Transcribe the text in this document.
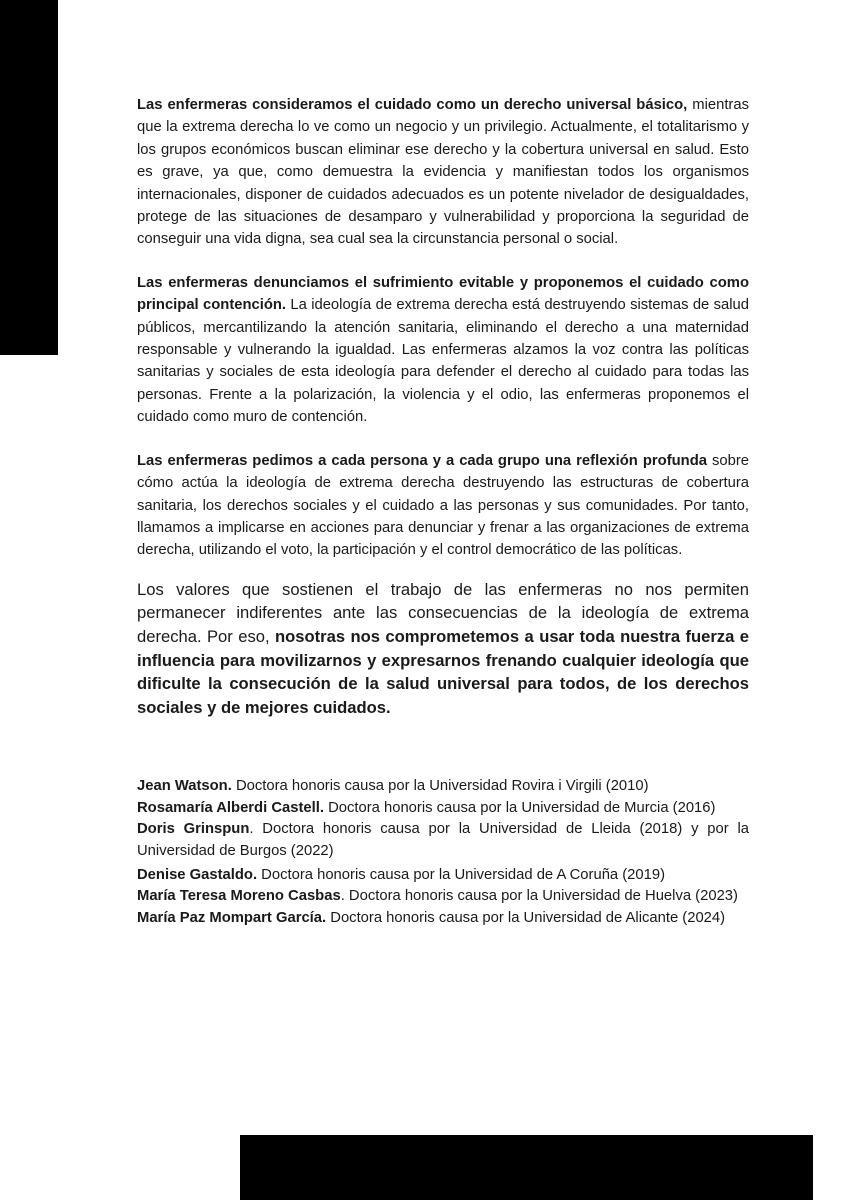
Las enfermeras consideramos el cuidado como un derecho universal básico, mientras que la extrema derecha lo ve como un negocio y un privilegio. Actualmente, el totalitarismo y los grupos económicos buscan eliminar ese derecho y la cobertura universal en salud. Esto es grave, ya que, como demuestra la evidencia y manifiestan todos los organismos internacionales, disponer de cuidados adecuados es un potente nivelador de desigualdades, protege de las situaciones de desamparo y vulnerabilidad y proporciona la seguridad de conseguir una vida digna, sea cual sea la circunstancia personal o social.

Las enfermeras denunciamos el sufrimiento evitable y proponemos el cuidado como principal contención. La ideología de extrema derecha está destruyendo sistemas de salud públicos, mercantilizando la atención sanitaria, eliminando el derecho a una maternidad responsable y vulnerando la igualdad. Las enfermeras alzamos la voz contra las políticas sanitarias y sociales de esta ideología para defender el derecho al cuidado para todas las personas. Frente a la polarización, la violencia y el odio, las enfermeras proponemos el cuidado como muro de contención.

Las enfermeras pedimos a cada persona y a cada grupo una reflexión profunda sobre cómo actúa la ideología de extrema derecha destruyendo las estructuras de cobertura sanitaria, los derechos sociales y el cuidado a las personas y sus comunidades. Por tanto, llamamos a implicarse en acciones para denunciar y frenar a las organizaciones de extrema derecha, utilizando el voto, la participación y el control democrático de las políticas.

Los valores que sostienen el trabajo de las enfermeras no nos permiten permanecer indiferentes ante las consecuencias de la ideología de extrema derecha. Por eso, nosotras nos comprometemos a usar toda nuestra fuerza e influencia para movilizarnos y expresarnos frenando cualquier ideología que dificulte la consecución de la salud universal para todos, de los derechos sociales y de mejores cuidados.

Jean Watson. Doctora honoris causa por la Universidad Rovira i Virgili (2010)

Rosamaría Alberdi Castell. Doctora honoris causa por la Universidad de Murcia (2016)

Doris Grinspun. Doctora honoris causa por la Universidad de Lleida (2018) y por la Universidad de Burgos (2022)

Denise Gastaldo. Doctora honoris causa por la Universidad de A Coruña (2019)

María Teresa Moreno Casbas. Doctora honoris causa por la Universidad de Huelva (2023)

María Paz Mompart García. Doctora honoris causa por la Universidad de Alicante (2024)
